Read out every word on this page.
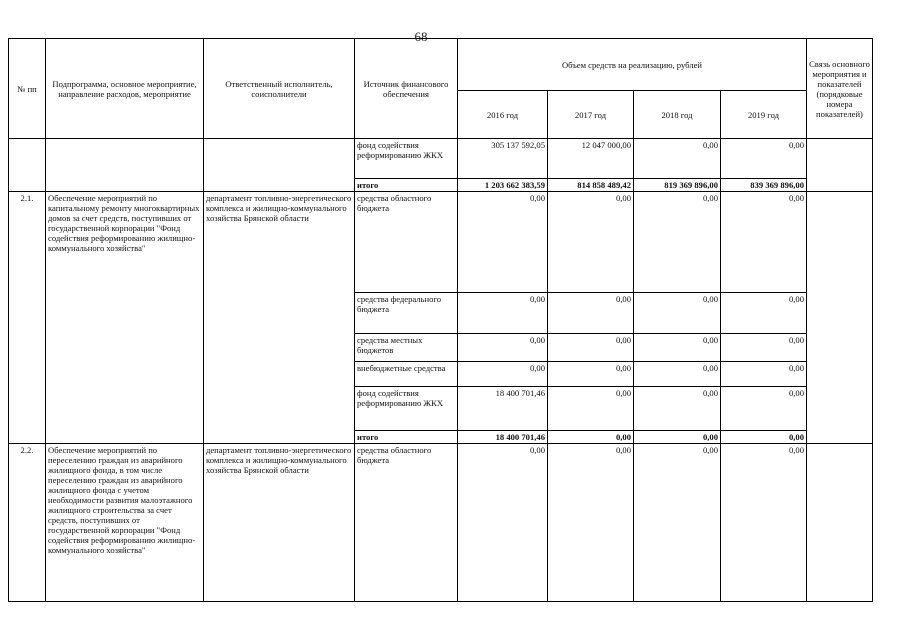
68
№ пп	Подпрограмма, основное мероприятие, направление расходов, мероприятие	Ответственный исполнитель, соисполнители	Источник финансового обеспечения	Объем средств на реализацию, рублей				Связь основного мероприятия и показателей (порядковые номера показателей)
				2016 год	2017 год	2018 год	2019 год	
			фонд содействия реформированию ЖКХ	305 137 592,05	12 047 000,00	0,00	0,00	
			итого	1 203 662 383,59	814 858 489,42	819 369 896,00	839 369 896,00	
2.1.	Обеспечение мероприятий по капитальному ремонту многоквартирных домов за счет средств, поступивших от государственной корпорации "Фонд содействия реформированию жилищно-коммунального хозяйства"	департамент топливно-энергетического комплекса и жилищно-коммунального хозяйства Брянской области	средства областного бюджета	0,00	0,00	0,00	0,00	
			средства федерального бюджета	0,00	0,00	0,00	0,00	
			средства местных бюджетов	0,00	0,00	0,00	0,00	
			внебюджетные средства	0,00	0,00	0,00	0,00	
			фонд содействия реформированию ЖКХ	18 400 701,46	0,00	0,00	0,00	
			итого	18 400 701,46	0,00	0,00	0,00	
2.2.	Обеспечение мероприятий по переселению граждан из аварийного жилищного фонда, в том числе переселению граждан из аварийного жилищного фонда с учетом необходимости развития малоэтажного жилищного строительства за счет средств, поступивших от государственной корпорации "Фонд содействия реформированию жилищно-коммунального хозяйства"	департамент топливно-энергетического комплекса и жилищно-коммунального хозяйства Брянской области	средства областного бюджета	0,00	0,00	0,00	0,00	
